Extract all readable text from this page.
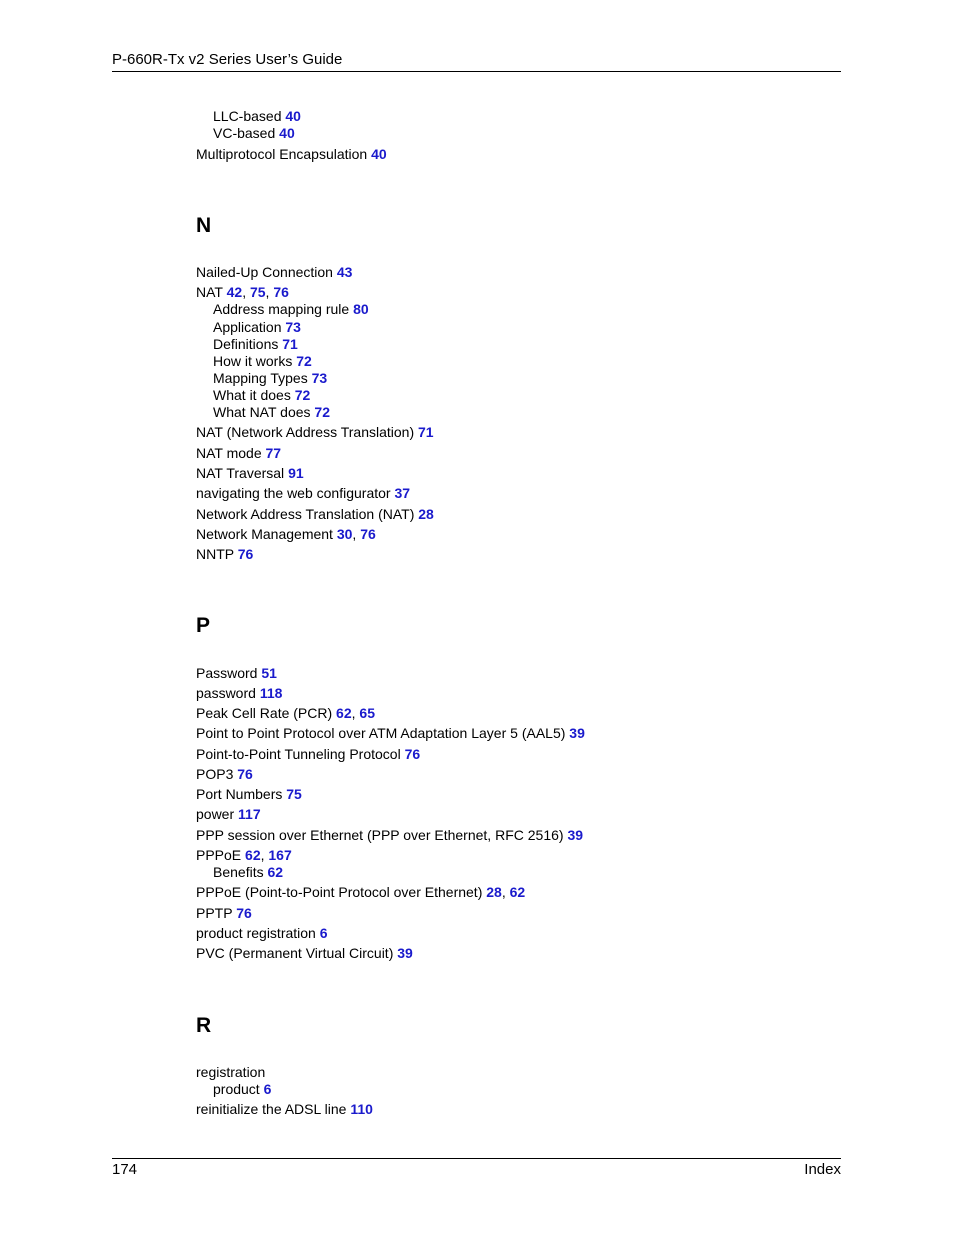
P-660R-Tx v2 Series User’s Guide
LLC-based 40
VC-based 40
Multiprotocol Encapsulation 40
N
Nailed-Up Connection 43
NAT 42, 75, 76
Address mapping rule 80
Application 73
Definitions 71
How it works 72
Mapping Types 73
What it does 72
What NAT does 72
NAT (Network Address Translation) 71
NAT mode 77
NAT Traversal 91
navigating the web configurator 37
Network Address Translation (NAT) 28
Network Management 30, 76
NNTP 76
P
Password 51
password 118
Peak Cell Rate (PCR) 62, 65
Point to Point Protocol over ATM Adaptation Layer 5 (AAL5) 39
Point-to-Point Tunneling Protocol 76
POP3 76
Port Numbers 75
power 117
PPP session over Ethernet (PPP over Ethernet, RFC 2516) 39
PPPoE 62, 167
Benefits 62
PPPoE (Point-to-Point Protocol over Ethernet) 28, 62
PPTP 76
product registration 6
PVC (Permanent Virtual Circuit) 39
R
registration
product 6
reinitialize the ADSL line 110
174	Index
